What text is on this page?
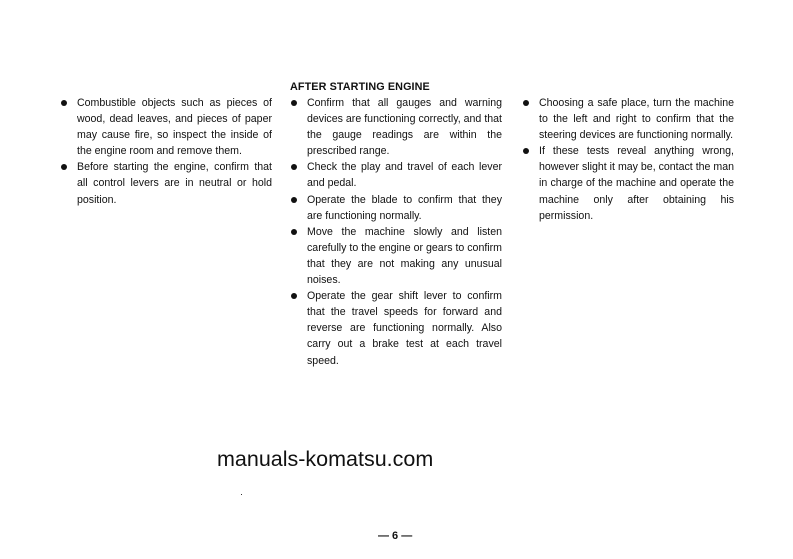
Combustible objects such as pieces of wood, dead leaves, and pieces of paper may cause fire, so inspect the inside of the engine room and remove them.
Before starting the engine, confirm that all control levers are in neutral or hold position.
AFTER STARTING ENGINE
Confirm that all gauges and warning devices are functioning correctly, and that the gauge readings are within the prescribed range.
Check the play and travel of each lever and pedal.
Operate the blade to confirm that they are functioning normally.
Move the machine slowly and listen carefully to the engine or gears to confirm that they are not making any unusual noises.
Operate the gear shift lever to confirm that the travel speeds for forward and reverse are functioning normally. Also carry out a brake test at each travel speed.
Choosing a safe place, turn the machine to the left and right to confirm that the steering devices are functioning normally.
If these tests reveal anything wrong, however slight it may be, contact the man in charge of the machine and operate the machine only after obtaining his permission.
manuals-komatsu.com
— 6 —
